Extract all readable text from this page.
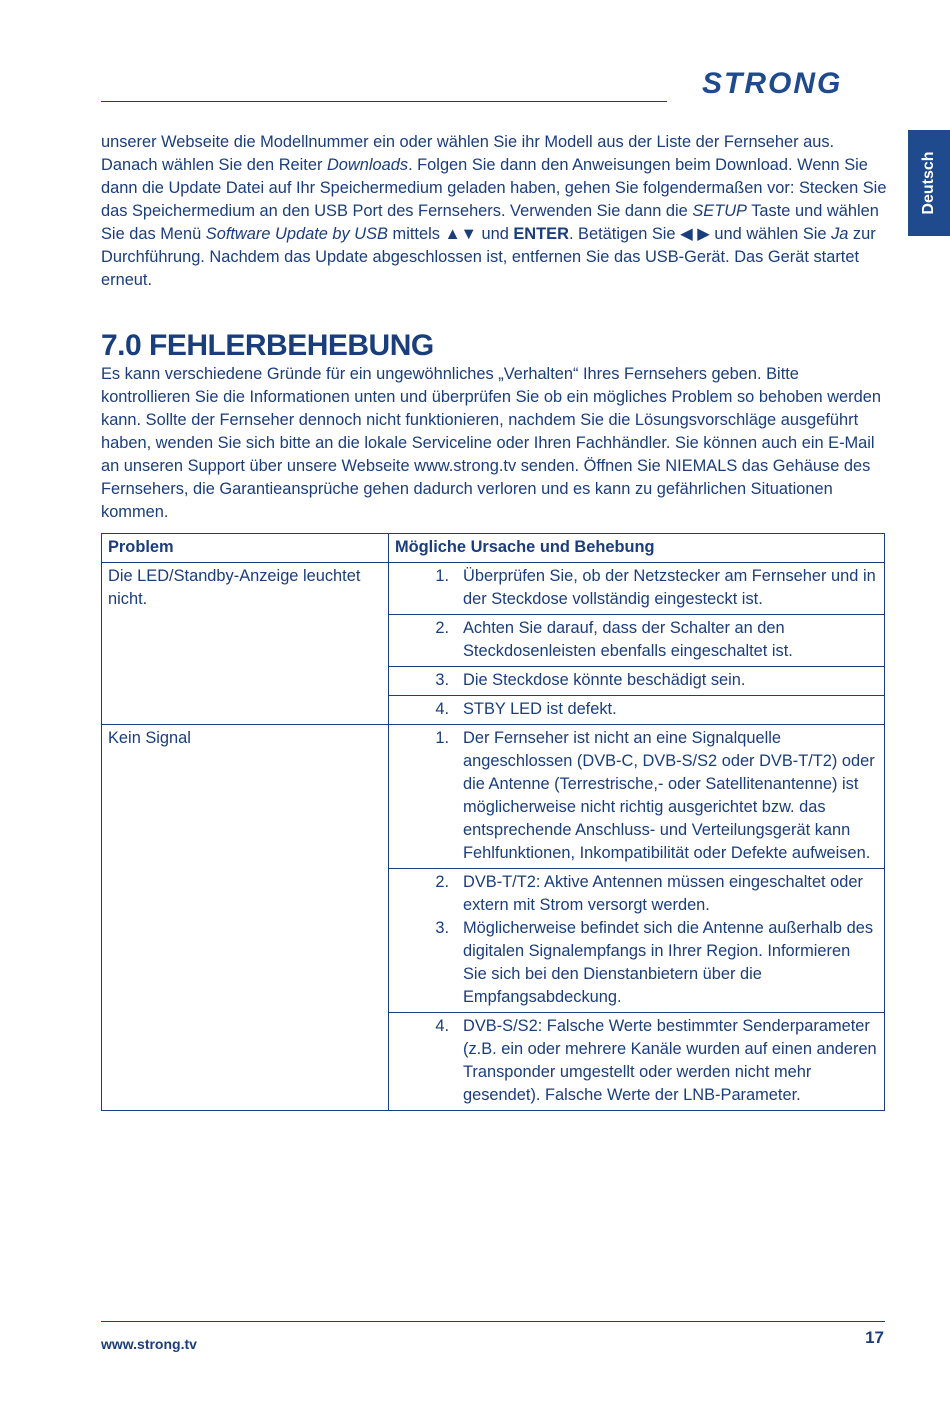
STRONG
Deutsch

unserer Webseite die Modellnummer ein oder wählen Sie ihr Modell aus der Liste der Fernseher aus. Danach wählen Sie den Reiter Downloads. Folgen Sie dann den Anweisungen beim Download. Wenn Sie dann die Update Datei auf Ihr Speichermedium geladen haben, gehen Sie folgendermaßen vor: Stecken Sie das Speichermedium an den USB Port des Fernsehers. Verwenden Sie dann die SETUP Taste und wählen Sie das Menü Software Update by USB mittels ▲▼ und ENTER. Betätigen Sie ◀ ▶ und wählen Sie Ja zur Durchführung. Nachdem das Update abgeschlossen ist, entfernen Sie das USB-Gerät. Das Gerät startet erneut.

7.0 FEHLERBEHEBUNG

Es kann verschiedene Gründe für ein ungewöhnliches „Verhalten“ Ihres Fernsehers geben. Bitte kontrollieren Sie die Informationen unten und überprüfen Sie ob ein mögliches Problem so behoben werden kann. Sollte der Fernseher dennoch nicht funktionieren, nachdem Sie die Lösungsvorschläge ausgeführt haben, wenden Sie sich bitte an die lokale Serviceline oder Ihren Fachhändler. Sie können auch ein E-Mail an unseren Support über unsere Webseite www.strong.tv senden. Öffnen Sie NIEMALS das Gehäuse des Fernsehers, die Garantieansprüche gehen dadurch verloren und es kann zu gefährlichen Situationen kommen.

Problem	Mögliche Ursache und Behebung
Die LED/Standby-Anzeige leuchtet nicht.	1. Überprüfen Sie, ob der Netzstecker am Fernseher und in der Steckdose vollständig eingesteckt ist.

	2. Achten Sie darauf, dass der Schalter an den Steckdosenleisten ebenfalls eingeschaltet ist.

	3. Die Steckdose könnte beschädigt sein.

	4. STBY LED ist defekt.

Kein Signal	1. Der Fernseher ist nicht an eine Signalquelle angeschlossen (DVB-C, DVB-S/S2 oder DVB-T/T2) oder die Antenne (Terrestrische,- oder Satellitenantenne) ist möglicherweise nicht richtig ausgerichtet bzw. das entsprechende Anschluss- und Verteilungsgerät kann Fehlfunktionen, Inkompatibilität oder Defekte aufweisen.

	2. DVB-T/T2: Aktive Antennen müssen eingeschaltet oder extern mit Strom versorgt werden.
3. Möglicherweise befindet sich die Antenne außerhalb des digitalen Signalempfangs in Ihrer Region. Informieren Sie sich bei den Dienstanbietern über die Empfangsabdeckung.

	4. DVB-S/S2: Falsche Werte bestimmter Senderparameter (z.B. ein oder mehrere Kanäle wurden auf einen anderen Transponder umgestellt oder werden nicht mehr gesendet). Falsche Werte der LNB-Parameter.
www.strong.tv	17
